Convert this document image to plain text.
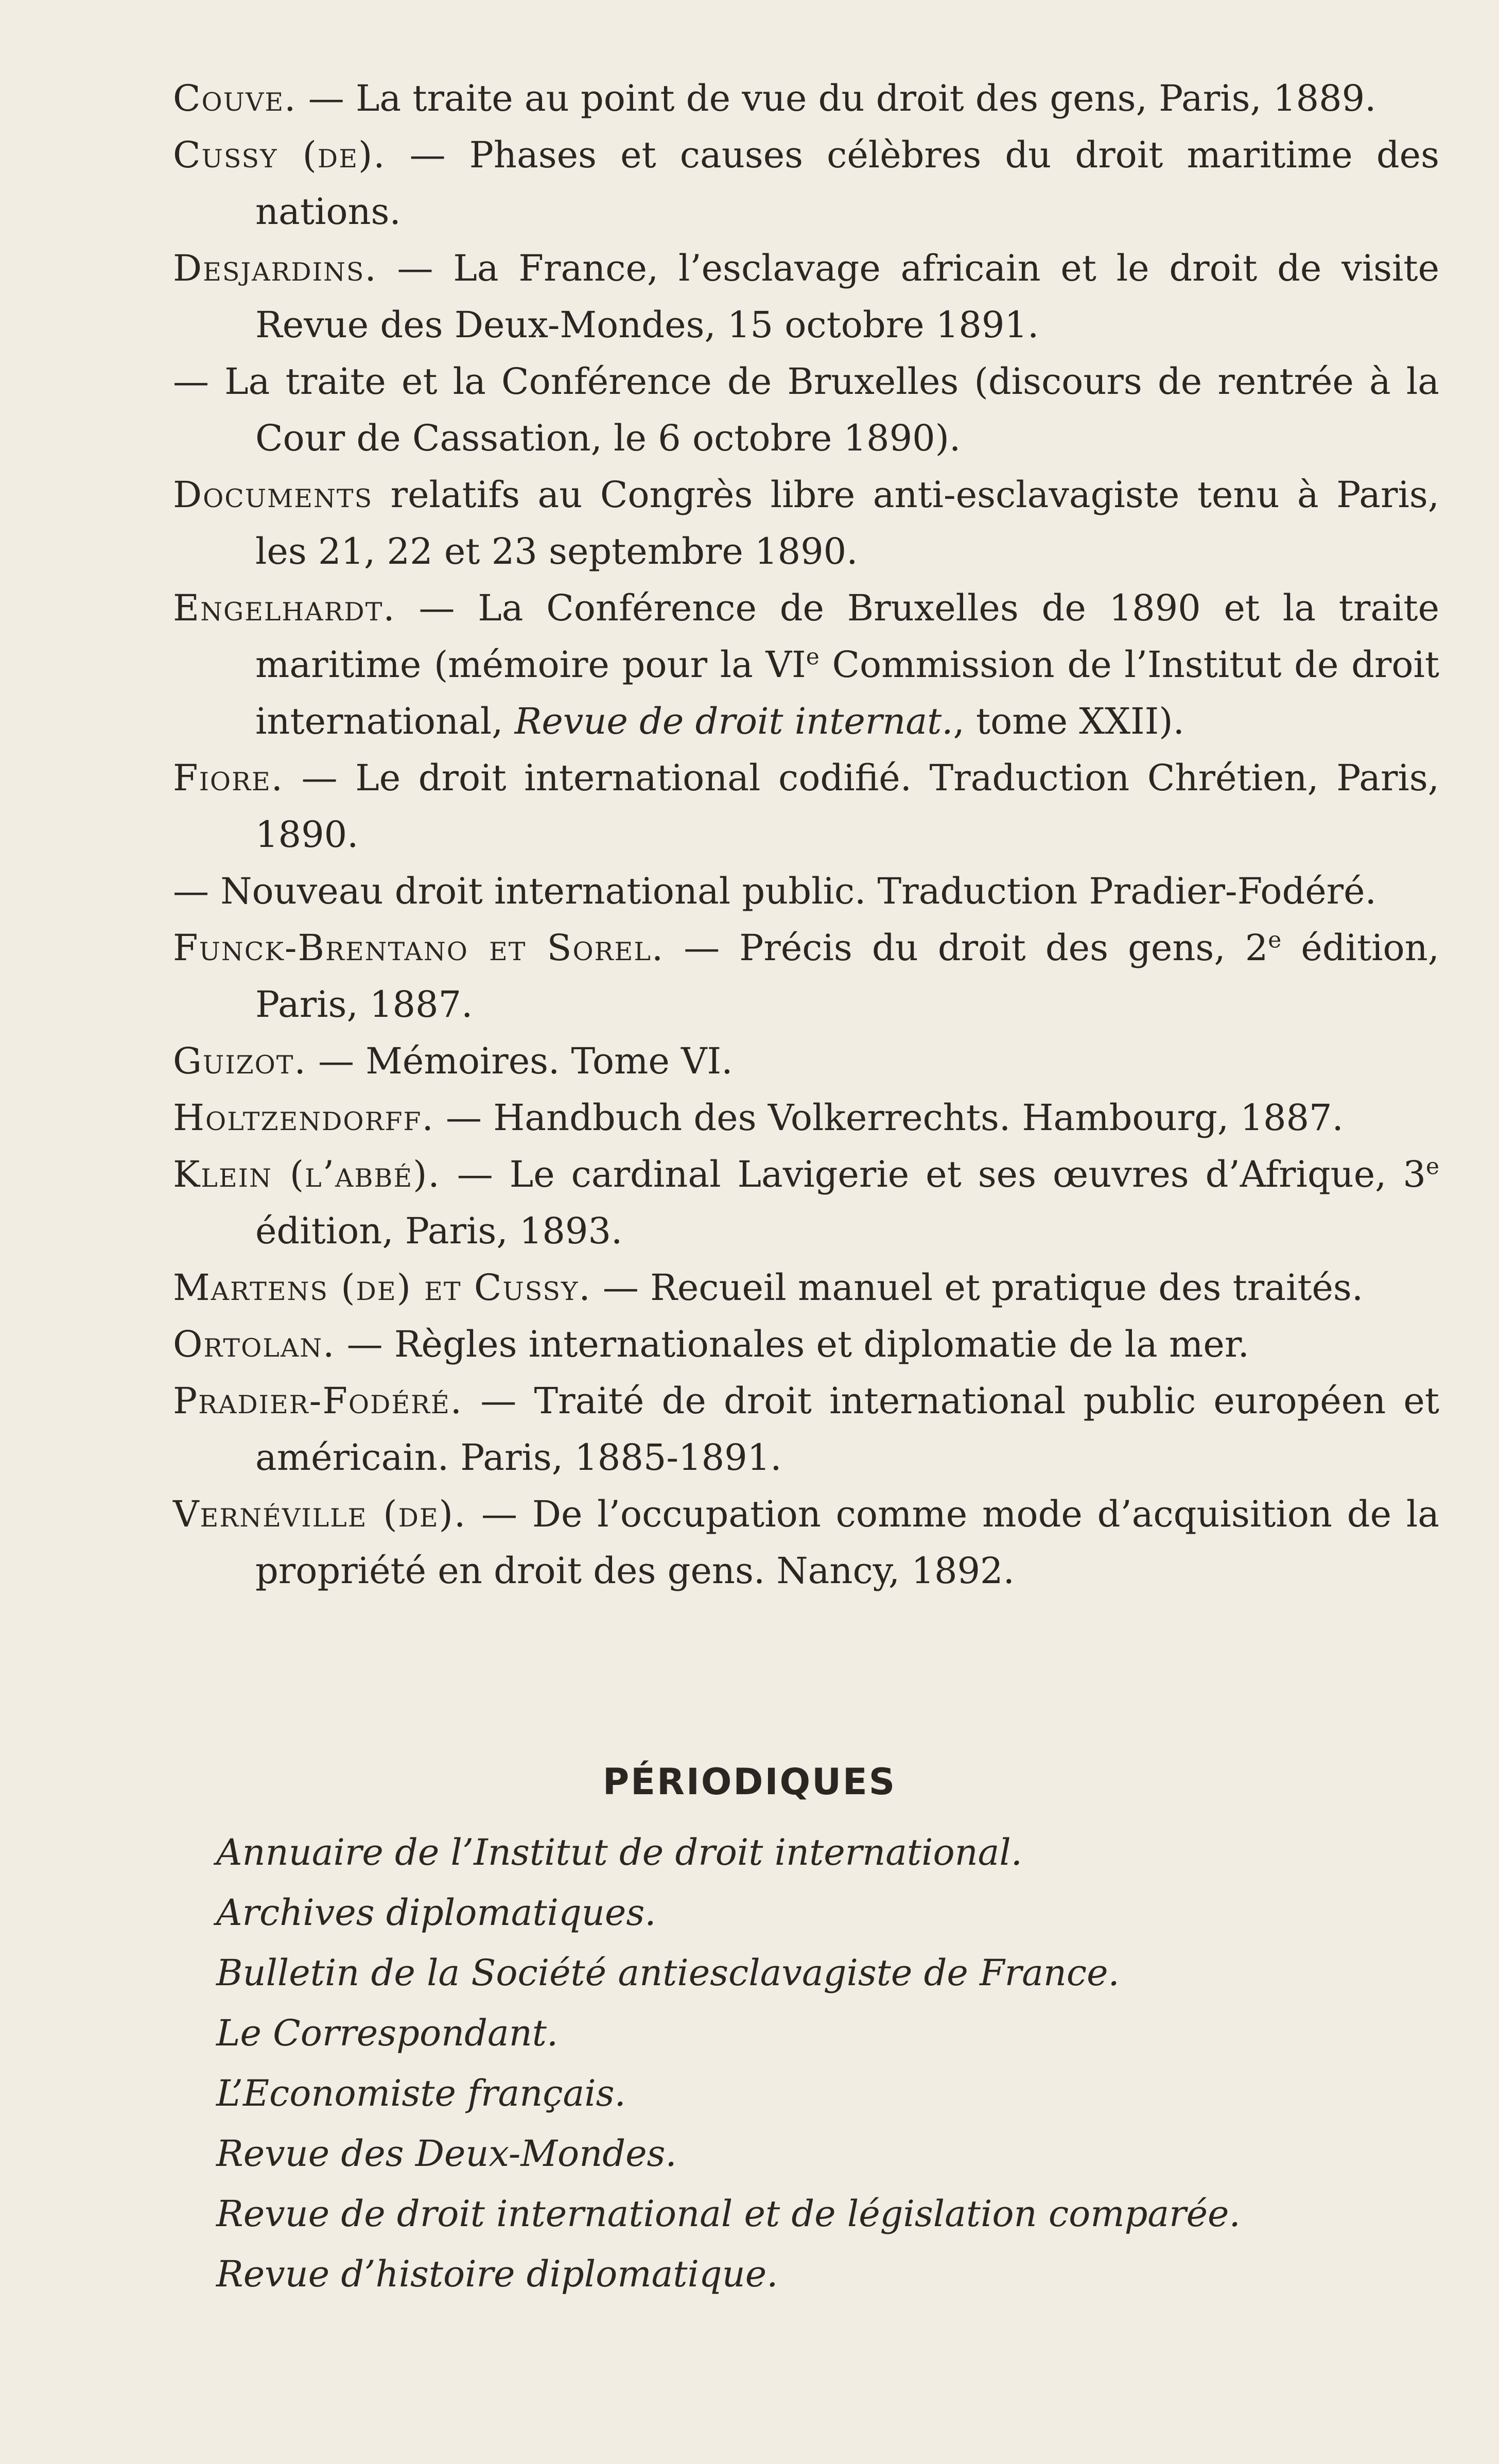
Couve. — La traite au point de vue du droit des gens, Paris, 1889.

Cussy (de). — Phases et causes célèbres du droit maritime des nations.

Desjardins. — La France, l’esclavage africain et le droit de visite Revue des Deux-Mondes, 15 octobre 1891.

— La traite et la Conférence de Bruxelles (discours de rentrée à la Cour de Cassation, le 6 octobre 1890).

Documents relatifs au Congrès libre anti-esclavagiste tenu à Paris, les 21, 22 et 23 septembre 1890.

Engelhardt. — La Conférence de Bruxelles de 1890 et la traite maritime (mémoire pour la VIe Commission de l’Institut de droit international, Revue de droit internat., tome XXII).

Fiore. — Le droit international codifié. Traduction Chrétien, Paris, 1890.

— Nouveau droit international public. Traduction Pradier-Fodéré.

Funck-Brentano et Sorel. — Précis du droit des gens, 2e édition, Paris, 1887.

Guizot. — Mémoires. Tome VI.

Holtzendorff. — Handbuch des Volkerrechts. Hambourg, 1887.

Klein (l’abbé). — Le cardinal Lavigerie et ses œuvres d’Afrique, 3e édition, Paris, 1893.

Martens (de) et Cussy. — Recueil manuel et pratique des traités.

Ortolan. — Règles internationales et diplomatie de la mer.

Pradier-Fodéré. — Traité de droit international public européen et américain. Paris, 1885-1891.

Vernéville (de). — De l’occupation comme mode d’acquisition de la propriété en droit des gens. Nancy, 1892.

PÉRIODIQUES

Annuaire de l’Institut de droit international.

Archives diplomatiques.

Bulletin de la Société antiesclavagiste de France.

Le Correspondant.

L’Economiste français.

Revue des Deux-Mondes.

Revue de droit international et de législation comparée.

Revue d’histoire diplomatique.
